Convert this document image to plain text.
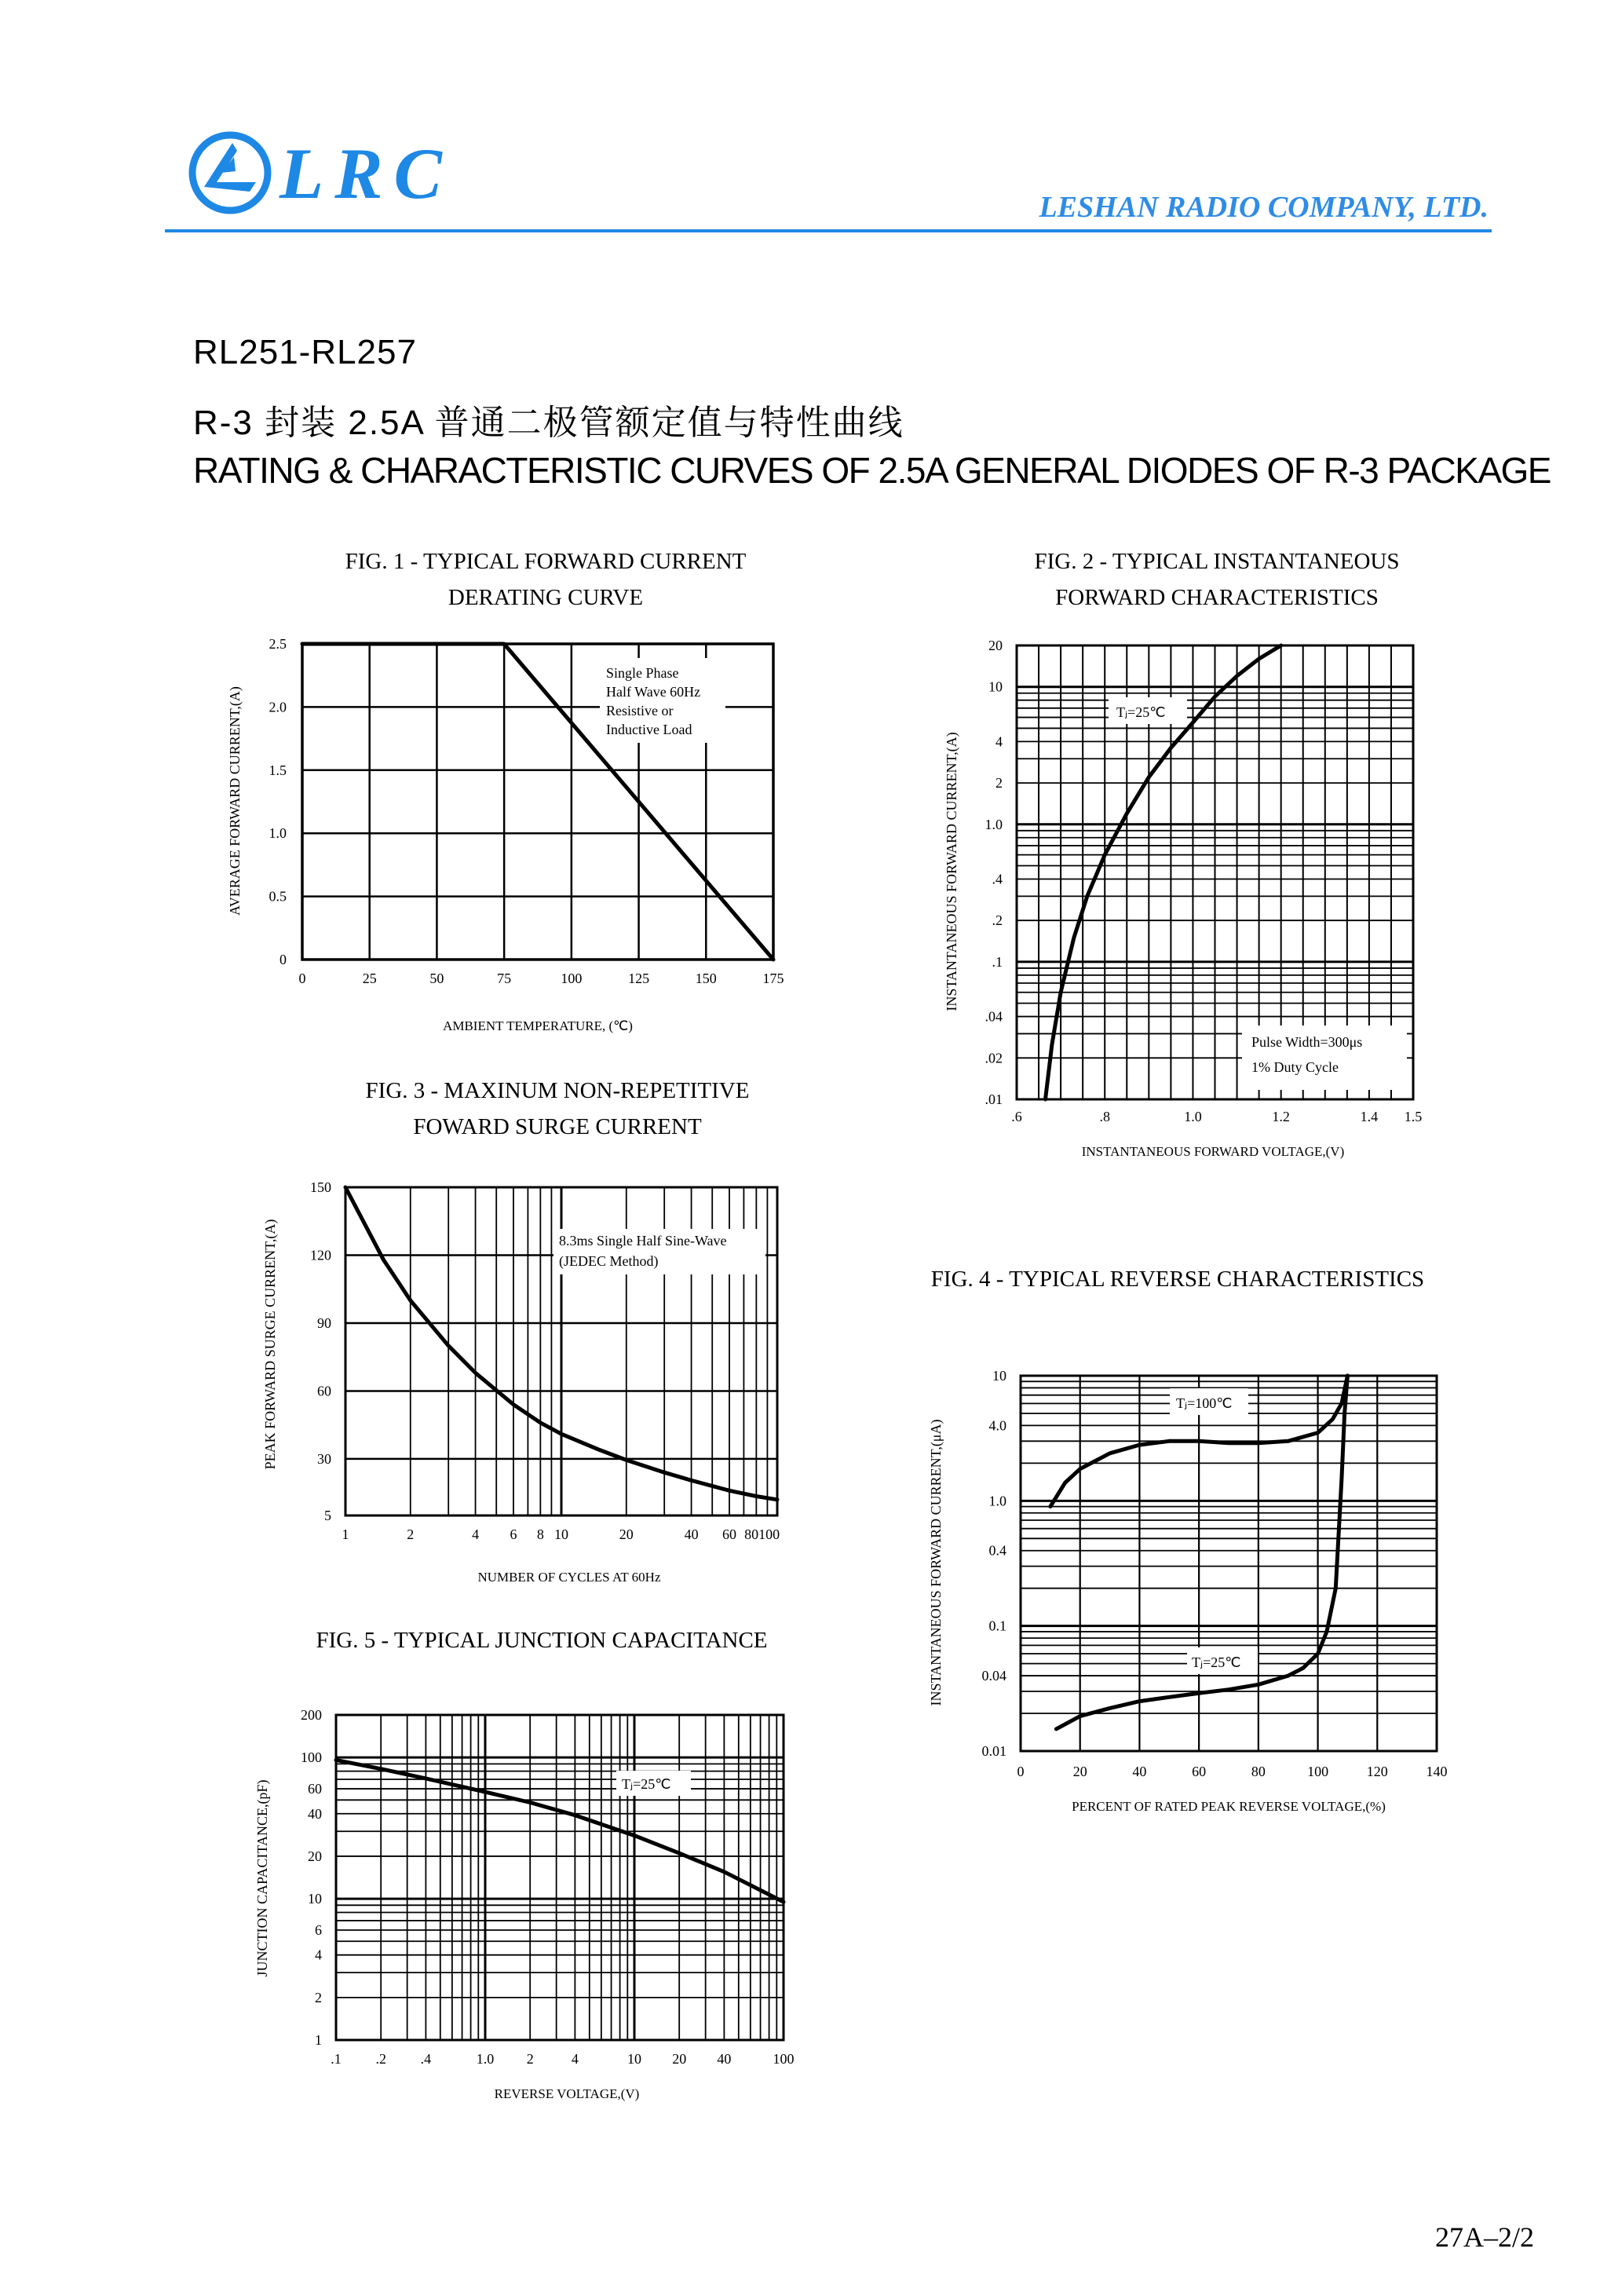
LRC	LESHAN RADIO COMPANY, LTD.
RL251-RL257
R-3 封装 2.5A 普通二极管额定值与特性曲线
RATING & CHARACTERISTIC CURVES OF 2.5A GENERAL DIODES OF R-3 PACKAGE
FIG. 1 - TYPICAL FORWARD CURRENT
DERATING CURVE
FIG. 2 - TYPICAL INSTANTANEOUS
FORWARD CHARACTERISTICS
FIG. 3 - MAXINUM NON-REPETITIVE
FOWARD SURGE CURRENT
FIG. 4 - TYPICAL REVERSE CHARACTERISTICS
FIG. 5 - TYPICAL JUNCTION CAPACITANCE
Single Phase
Half Wave 60Hz
Resistive or
Inductive Load
0	25	50	75	100	125	150	175
0
0.5
1.0
1.5
2.0
2.5
AMBIENT TEMPERATURE, (℃)
AVERAGE FORWARD CURRENT,(A)	Tⱼ=25℃
Pulse Width=300μs
1% Duty Cycle
.6	.8	1.0	1.2	1.4 1.5
20
10
4
2
1.0
.4
.2
.1
.04
.02
.01
INSTANTANEOUS FORWARD VOLTAGE,(V)
INSTANTANEOUS FORWARD CURRENT,(A)
8.3ms Single Half Sine-Wave
(JEDEC Method)
1	2	4 6 8 10	20	40 60 80100
150
120
90
60
30
5
NUMBER OF CYCLES AT 60Hz
PEAK FORWARD SURGE CURRENT,(A)	Tⱼ=100℃
Tⱼ=25℃
0	20	40	60	80	100	120	140
10
4.0
1.0
0.4
0.1
0.04
0.01
PERCENT OF RATED PEAK REVERSE VOLTAGE,(%)
INSTANTANEOUS FORWARD CURRENT,(μA)
Tⱼ=25℃
.1 .2 .4	1.0 2	4	10 20 40	100
200
100
60
40
20
10
6
4
2
1
REVERSE VOLTAGE,(V)
JUNCTION CAPACITANCE,(pF)
27A–2/2
